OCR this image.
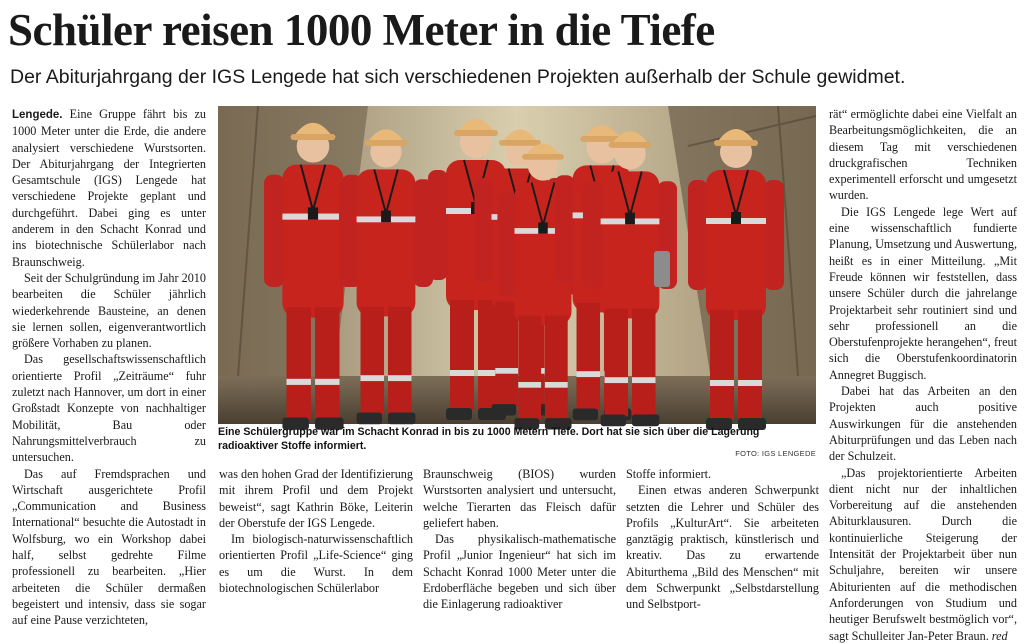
Schüler reisen 1000 Meter in die Tiefe
Der Abiturjahrgang der IGS Lengede hat sich verschiedenen Projekten außerhalb der Schule gewidmet.

Lengede. Eine Gruppe fährt bis zu 1000 Meter unter die Erde, die andere analysiert verschiedene Wurstsorten. Der Abiturjahrgang der Integrierten Gesamtschule (IGS) Lengede hat verschiedene Projekte geplant und durchgeführt. Dabei ging es unter anderem in den Schacht Konrad und ins biotechnische Schülerlabor nach Braunschweig.

Seit der Schulgründung im Jahr 2010 bearbeiten die Schüler jährlich wiederkehrende Bausteine, an denen sie lernen sollen, eigenverantwortlich größere Vorhaben zu planen.

Das gesellschaftswissenschaftlich orientierte Profil „Zeiträume“ fuhr zuletzt nach Hannover, um dort in einer Großstadt Konzepte von nachhaltiger Mobilität, Bau oder Nahrungsmittelverbrauch zu untersuchen.

Das auf Fremdsprachen und Wirtschaft ausgerichtete Profil „Communication and Business International“ besuchte die Autostadt in Wolfsburg, wo ein Workshop dabei half, selbst gedrehte Filme professionell zu bearbeiten. „Hier arbeiteten die Schüler dermaßen begeistert und intensiv, dass sie sogar auf eine Pause verzichteten,

Eine Schülergruppe war im Schacht Konrad in bis zu 1000 Metern Tiefe. Dort hat sie sich über die Lagerung radioaktiver Stoffe informiert.
FOTO: IGS LENGEDE

was den hohen Grad der Identifizierung mit ihrem Profil und dem Projekt beweist“, sagt Kathrin Böke, Leiterin der Oberstufe der IGS Lengede.

Im biologisch-naturwissenschaftlich orientierten Profil „Life-Science“ ging es um die Wurst. In dem biotechnologischen Schülerlabor

Braunschweig (BIOS) wurden Wurstsorten analysiert und untersucht, welche Tierarten das Fleisch dafür geliefert haben.

Das physikalisch-mathematische Profil „Junior Ingenieur“ hat sich im Schacht Konrad 1000 Meter unter die Erdoberfläche begeben und sich über die Einlagerung radioaktiver

Stoffe informiert.

Einen etwas anderen Schwerpunkt setzten die Lehrer und Schüler des Profils „KulturArt“. Sie arbeiteten ganztägig praktisch, künstlerisch und kreativ. Das zu erwartende Abiturthema „Bild des Menschen“ mit dem Schwerpunkt „Selbstdarstellung und Selbstport-

rät“ ermöglichte dabei eine Vielfalt an Bearbeitungsmöglichkeiten, die an diesem Tag mit verschiedenen druckgrafischen Techniken experimentell erforscht und umgesetzt wurden.

Die IGS Lengede lege Wert auf eine wissenschaftlich fundierte Planung, Umsetzung und Auswertung, heißt es in einer Mitteilung. „Mit Freude können wir feststellen, dass unsere Schüler durch die jahrelange Projektarbeit sehr routiniert sind und sehr professionell an die Oberstufenprojekte herangehen“, freut sich die Oberstufenkoordinatorin Annegret Buggisch.

Dabei hat das Arbeiten an den Projekten auch positive Auswirkungen für die anstehenden Abiturprüfungen und das Leben nach der Schulzeit.

„Das projektorientierte Arbeiten dient nicht nur der inhaltlichen Vorbereitung auf die anstehenden Abiturklausuren. Durch die kontinuierliche Steigerung der Intensität der Projektarbeit über nun Schuljahre, bereiten wir unsere Abiturienten auf die methodischen Anforderungen von Studium und heutiger Berufswelt bestmöglich vor“, sagt Schulleiter Jan-Peter Braun. red
